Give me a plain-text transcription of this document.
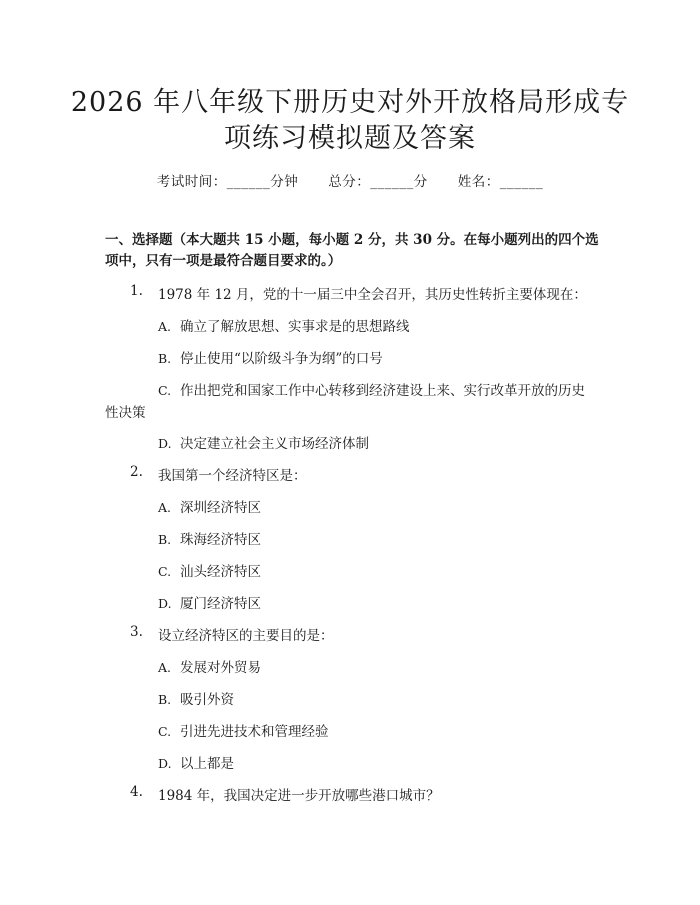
2026 年八年级下册历史对外开放格局形成专
项练习模拟题及答案
考试时间：______分钟 总分：______分 姓名：______
一、选择题（本大题共 15 小题，每小题 2 分，共 30 分。在每小题列出的四个选
项中，只有一项是最符合题目要求的。）
1. 1978 年 12 月，党的十一届三中全会召开，其历史性转折主要体现在：
A. 确立了解放思想、实事求是的思想路线
B. 停止使用“以阶级斗争为纲”的口号
C. 作出把党和国家工作中心转移到经济建设上来、实行改革开放的历史
性决策
D. 决定建立社会主义市场经济体制
2. 我国第一个经济特区是：
A. 深圳经济特区
B. 珠海经济特区
C. 汕头经济特区
D. 厦门经济特区
3. 设立经济特区的主要目的是：
A. 发展对外贸易
B. 吸引外资
C. 引进先进技术和管理经验
D. 以上都是
4. 1984 年，我国决定进一步开放哪些港口城市？
